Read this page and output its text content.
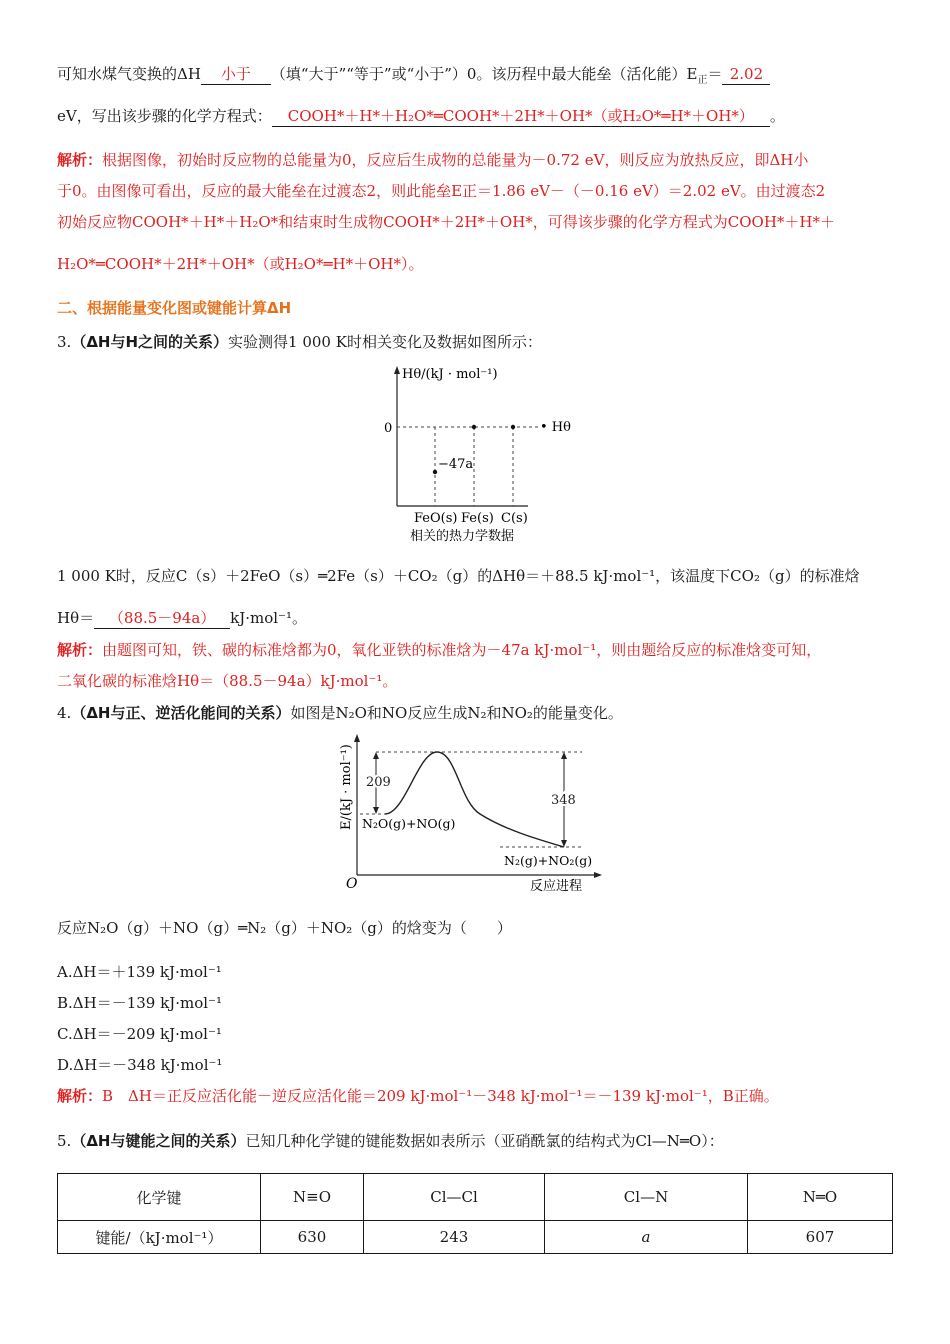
可知水煤气变换的ΔH 小于 （填“大于”“等于”或“小于”）0。该历程中最大能垒（活化能）$E_正= 2.02$
eV，写出该步骤的化学方程式： COOH*＋H*＋H₂O*═COOH*＋2H*＋OH*（或H₂O*═H*＋OH*） 。
解析：根据图像，初始时反应物的总能量为0，反应后生成物的总能量为－0.72 eV，则反应为放热反应，即ΔH小
于0。由图像可看出，反应的最大能垒在过渡态2，则此能垒E正＝1.86 eV－（－0.16 eV）＝2.02 eV。由过渡态2
初始反应物COOH*＋H*＋H₂O*和结束时生成物COOH*＋2H*＋OH*，可得该步骤的化学方程式为COOH*＋H*＋
H₂O*═COOH*＋2H*＋OH*（或H₂O*═H*＋OH*）。
二、根据能量变化图或键能计算ΔH
3.（ΔH与H之间的关系）实验测得1 000 K时相关变化及数据如图所示：
Hθ/(kJ · mol⁻¹)
0
−47a
• Hθ
FeO(s) Fe(s) C(s)
相关的热力学数据
1 000 K时，反应C（s）＋2FeO（s）═2Fe（s）＋CO₂（g）的ΔHθ＝＋88.5 kJ·mol⁻¹，该温度下CO₂（g）的标准焓
Hθ＝ （88.5－94a） kJ·mol⁻¹。
解析：由题图可知，铁、碳的标准焓都为0，氧化亚铁的标准焓为－47a kJ·mol⁻¹，则由题给反应的标准焓变可知，
二氧化碳的标准焓Hθ＝（88.5－94a）kJ·mol⁻¹。
4.（ΔH与正、逆活化能间的关系）如图是N₂O和NO反应生成N₂和NO₂的能量变化。
E/(kJ · mol⁻¹)
O	反应进程
209
348
N₂O(g)+NO(g)
N₂(g)+NO₂(g)
反应N₂O（g）＋NO（g）═N₂（g）＋NO₂（g）的焓变为（　　）
A.ΔH＝＋139 kJ·mol⁻¹
B.ΔH＝－139 kJ·mol⁻¹
C.ΔH＝－209 kJ·mol⁻¹
D.ΔH＝－348 kJ·mol⁻¹
解析：B　ΔH＝正反应活化能－逆反应活化能＝209 kJ·mol⁻¹－348 kJ·mol⁻¹＝－139 kJ·mol⁻¹，B正确。
5.（ΔH与键能之间的关系）已知几种化学键的键能数据如表所示（亚硝酰氯的结构式为Cl—N═O）：
化学键	N≡O	Cl—Cl	Cl—N	N═O
键能/（kJ·mol⁻¹）	630	243	a	607
